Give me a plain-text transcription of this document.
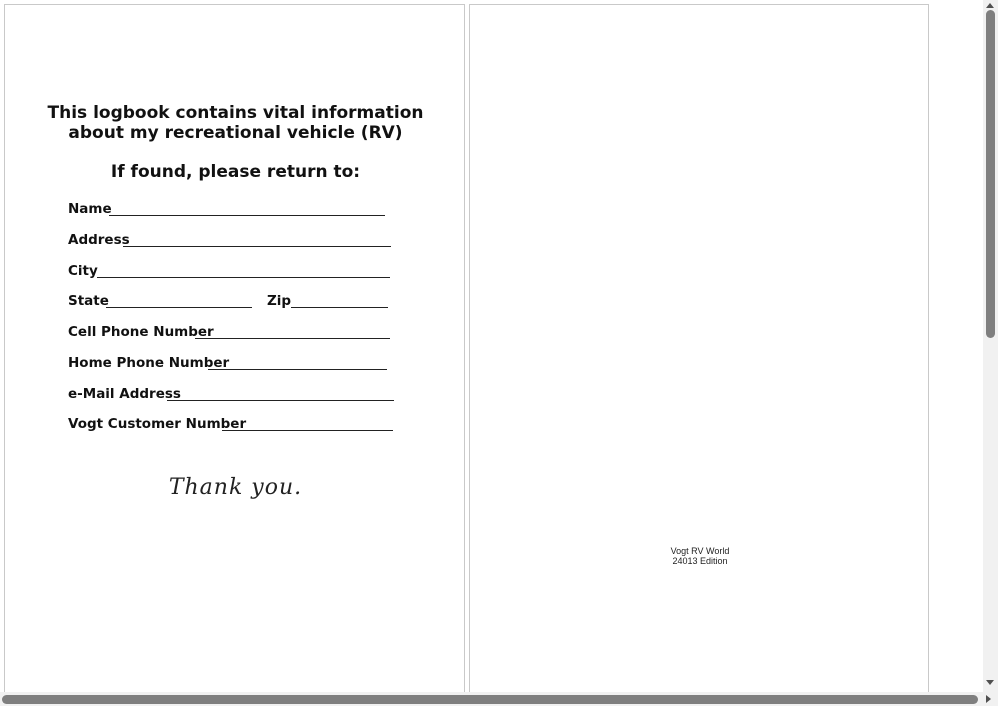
This logbook contains vital information
about my recreational vehicle (RV)
If found, please return to:
Name
Address
City
State	Zip
Cell Phone Number
Home Phone Number
e-Mail Address
Vogt Customer Number
Thank you.
Vogt RV World
24013 Edition
